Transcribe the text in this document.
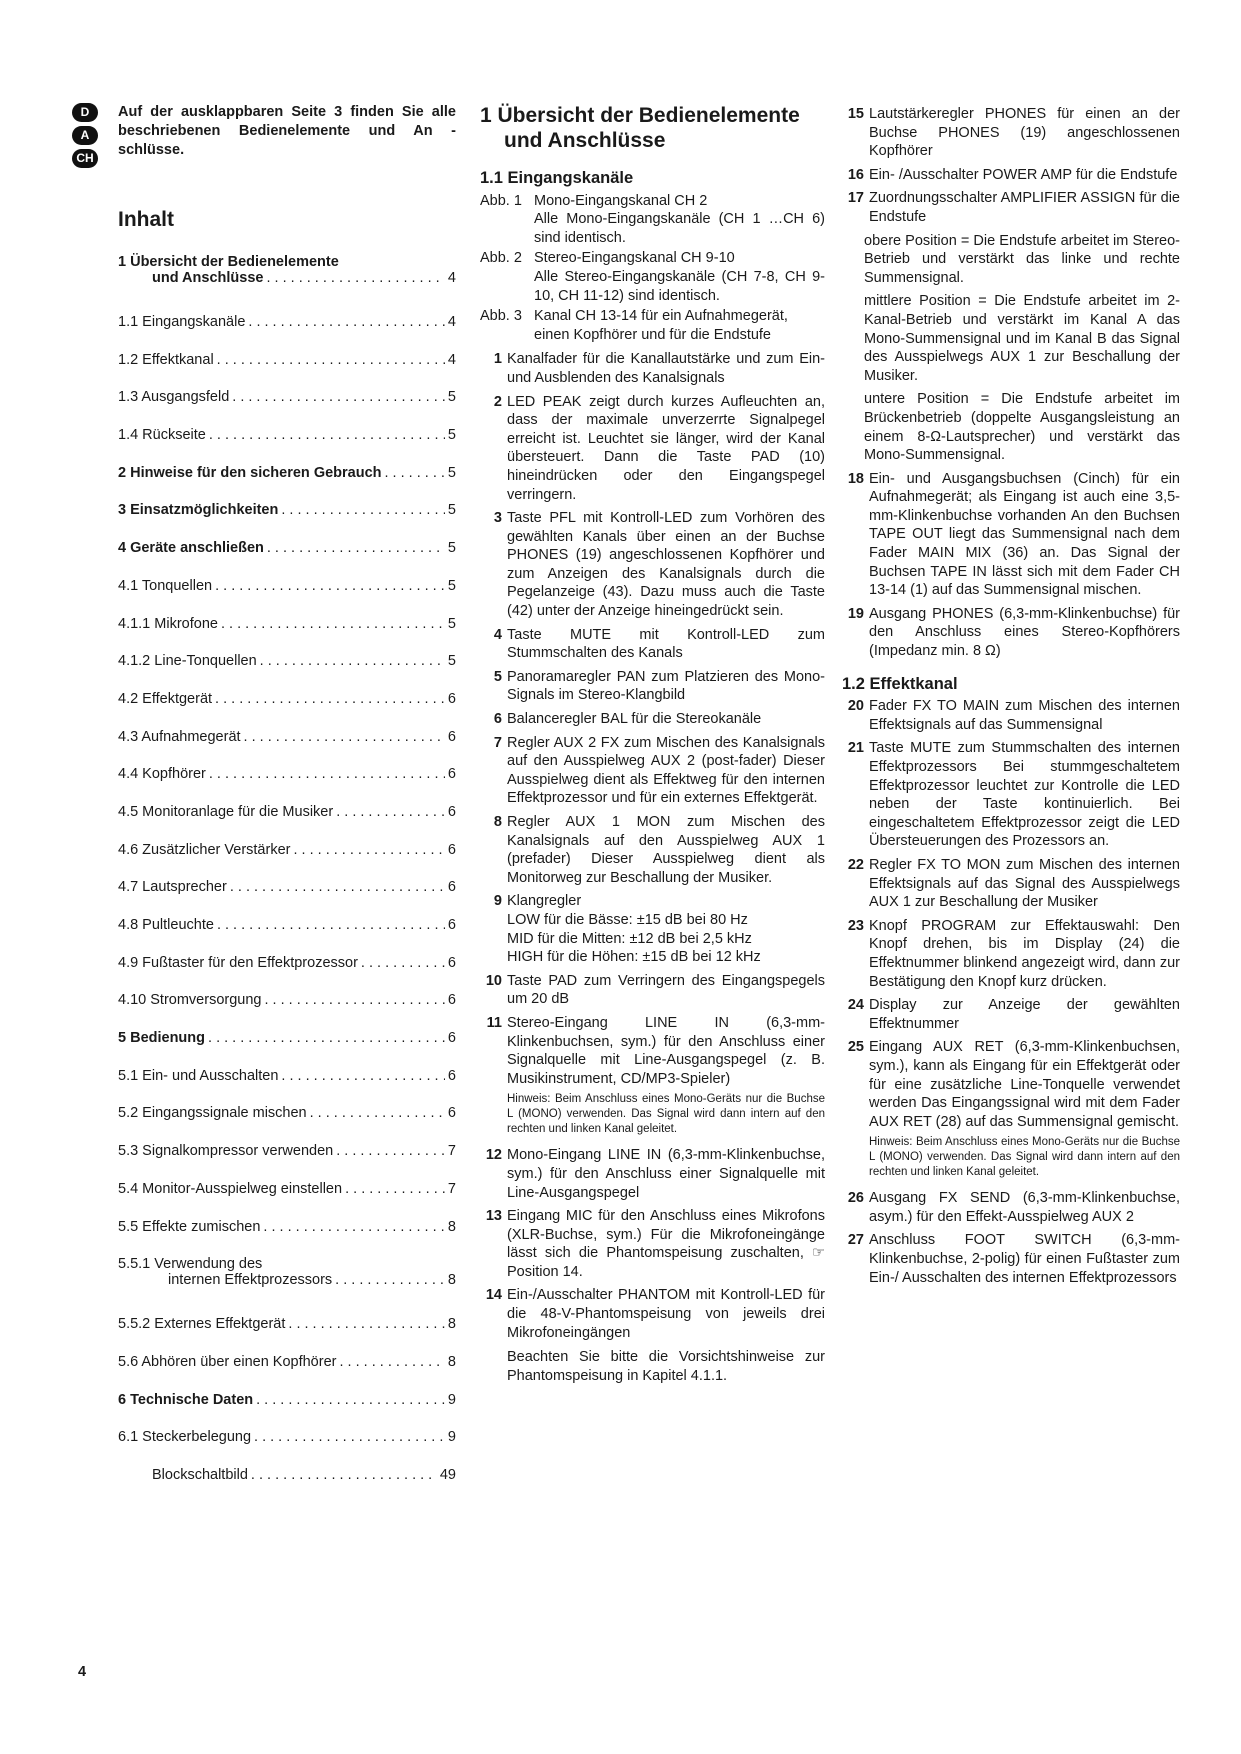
D
A
CH
Auf der ausklappbaren Seite 3 finden Sie alle beschriebenen Bedienelemente und An - schlüsse.
Inhalt
1 Übersicht der Bedienelemente
und Anschlüsse . . .	4
1.1 Eingangskanäle . . .	4
1.2 Effektkanal . . .	4
1.3 Ausgangsfeld . . .	5
1.4 Rückseite . . .	5
2 Hinweise für den sicheren Gebrauch . . .	5
3 Einsatzmöglichkeiten . . .	5
4 Geräte anschließen . . .	5
4.1 Tonquellen . . .	5
4.1.1 Mikrofone . . .	5
4.1.2 Line-Tonquellen . . .	5
4.2 Effektgerät . . .	6
4.3 Aufnahmegerät . . .	6
4.4 Kopfhörer . . .	6
4.5 Monitoranlage für die Musiker . . .	6
4.6 Zusätzlicher Verstärker . . .	6
4.7 Lautsprecher . . .	6
4.8 Pultleuchte . . .	6
4.9 Fußtaster für den Effektprozessor . . .	6
4.10 Stromversorgung . . .	6
5 Bedienung . . .	6
5.1 Ein- und Ausschalten . . .	6
5.2 Eingangssignale mischen . . .	6
5.3 Signalkompressor verwenden . . .	7
5.4 Monitor-Ausspielweg einstellen . . .	7
5.5 Effekte zumischen . . .	8
5.5.1 Verwendung des
internen Effektprozessors . . .	8
5.5.2 Externes Effektgerät . . .	8
5.6 Abhören über einen Kopfhörer . . .	8
6 Technische Daten . . .	9
6.1 Steckerbelegung . . .	9
Blockschaltbild . . .	49
1 Übersicht der Bedienelemente
und Anschlüsse
1.1 Eingangskanäle
Abb. 1 Mono-Eingangskanal CH 2
Alle Mono-Eingangskanäle (CH 1 …CH 6) sind identisch.
Abb. 2 Stereo-Eingangskanal CH 9-10
Alle Stereo-Eingangskanäle (CH 7-8, CH 9-10, CH 11-12) sind identisch.
Abb. 3 Kanal CH 13-14 für ein Aufnahmegerät, einen Kopfhörer und für die Endstufe
1 Kanalfader für die Kanallautstärke und zum Ein- und Ausblenden des Kanalsignals
2 LED PEAK zeigt durch kurzes Aufleuchten an, dass der maximale unverzerrte Signalpegel erreicht ist. Leuchtet sie länger, wird der Kanal übersteuert. Dann die Taste PAD (10) hineindrücken oder den Eingangspegel verringern.
3 Taste PFL mit Kontroll-LED zum Vorhören des gewählten Kanals über einen an der Buchse PHONES (19) angeschlossenen Kopfhörer und zum Anzeigen des Kanalsignals durch die Pegelanzeige (43). Dazu muss auch die Taste (42) unter der Anzeige hineingedrückt sein.
4 Taste MUTE mit Kontroll-LED zum Stummschalten des Kanals
5 Panoramaregler PAN zum Platzieren des Mono-Signals im Stereo-Klangbild
6 Balanceregler BAL für die Stereokanäle
7 Regler AUX 2 FX zum Mischen des Kanalsignals auf den Ausspielweg AUX 2 (post-fader) Dieser Ausspielweg dient als Effektweg für den internen Effektprozessor und für ein externes Effektgerät.
8 Regler AUX 1 MON zum Mischen des Kanalsignals auf den Ausspielweg AUX 1 (prefader) Dieser Ausspielweg dient als Monitorweg zur Beschallung der Musiker.
9 Klangregler
LOW für die Bässe: ±15 dB bei 80 Hz
MID für die Mitten: ±12 dB bei 2,5 kHz
HIGH für die Höhen: ±15 dB bei 12 kHz
10 Taste PAD zum Verringern des Eingangspegels um 20 dB
11 Stereo-Eingang LINE IN (6,3-mm-Klinkenbuchsen, sym.) für den Anschluss einer Signalquelle mit Line-Ausgangspegel (z. B. Musikinstrument, CD/MP3-Spieler)
Hinweis: Beim Anschluss eines Mono-Geräts nur die Buchse L (MONO) verwenden. Das Signal wird dann intern auf den rechten und linken Kanal geleitet.
12 Mono-Eingang LINE IN (6,3-mm-Klinkenbuchse, sym.) für den Anschluss einer Signalquelle mit Line-Ausgangspegel
13 Eingang MIC für den Anschluss eines Mikrofons (XLR-Buchse, sym.) Für die Mikrofoneingänge lässt sich die Phantomspeisung zuschalten, ☞ Position 14.
14 Ein-/Ausschalter PHANTOM mit Kontroll-LED für die 48-V-Phantomspeisung von jeweils drei Mikrofoneingängen
Beachten Sie bitte die Vorsichtshinweise zur Phantomspeisung in Kapitel 4.1.1.
15 Lautstärkeregler PHONES für einen an der Buchse PHONES (19) angeschlossenen Kopfhörer
16 Ein- /Ausschalter POWER AMP für die Endstufe
17 Zuordnungsschalter AMPLIFIER ASSIGN für die Endstufe
obere Position = Die Endstufe arbeitet im Stereo-Betrieb und verstärkt das linke und rechte Summensignal.
mittlere Position = Die Endstufe arbeitet im 2-Kanal-Betrieb und verstärkt im Kanal A das Mono-Summensignal und im Kanal B das Signal des Ausspielwegs AUX 1 zur Beschallung der Musiker.
untere Position = Die Endstufe arbeitet im Brückenbetrieb (doppelte Ausgangsleistung an einem 8-Ω-Lautsprecher) und verstärkt das Mono-Summensignal.
18 Ein- und Ausgangsbuchsen (Cinch) für ein Aufnahmegerät; als Eingang ist auch eine 3,5-mm-Klinkenbuchse vorhanden An den Buchsen TAPE OUT liegt das Summensignal nach dem Fader MAIN MIX (36) an. Das Signal der Buchsen TAPE IN lässt sich mit dem Fader CH 13-14 (1) auf das Summensignal mischen.
19 Ausgang PHONES (6,3-mm-Klinkenbuchse) für den Anschluss eines Stereo-Kopfhörers (Impedanz min. 8 Ω)
1.2 Effektkanal
20 Fader FX TO MAIN zum Mischen des internen Effektsignals auf das Summensignal
21 Taste MUTE zum Stummschalten des internen Effektprozessors Bei stummgeschaltetem Effektprozessor leuchtet zur Kontrolle die LED neben der Taste kontinuierlich. Bei eingeschaltetem Effektprozessor zeigt die LED Übersteuerungen des Prozessors an.
22 Regler FX TO MON zum Mischen des internen Effektsignals auf das Signal des Ausspielwegs AUX 1 zur Beschallung der Musiker
23 Knopf PROGRAM zur Effektauswahl: Den Knopf drehen, bis im Display (24) die Effektnummer blinkend angezeigt wird, dann zur Bestätigung den Knopf kurz drücken.
24 Display zur Anzeige der gewählten Effektnummer
25 Eingang AUX RET (6,3-mm-Klinkenbuchsen, sym.), kann als Eingang für ein Effektgerät oder für eine zusätzliche Line-Tonquelle verwendet werden Das Eingangssignal wird mit dem Fader AUX RET (28) auf das Summensignal gemischt.
Hinweis: Beim Anschluss eines Mono-Geräts nur die Buchse L (MONO) verwenden. Das Signal wird dann intern auf den rechten und linken Kanal geleitet.
26 Ausgang FX SEND (6,3-mm-Klinkenbuchse, asym.) für den Effekt-Ausspielweg AUX 2
27 Anschluss FOOT SWITCH (6,3-mm-Klinkenbuchse, 2-polig) für einen Fußtaster zum Ein-/ Ausschalten des internen Effektprozessors
4
